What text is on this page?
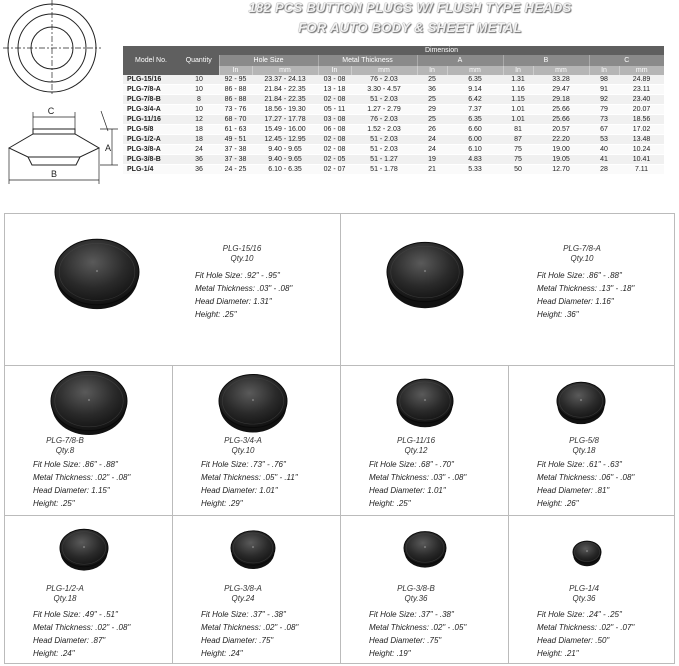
182 PCS BUTTON PLUGS W/ FLUSH TYPE HEADS
FOR AUTO BODY & SHEET METAL
C
A
B
Model No.	Quantity	Dimension									
		Hole Size		Metal Thickness		A		B		C	
		In	mm	In	mm	In	mm	In	mm	In	mm
PLG-15/16	10	92 - 95	23.37 - 24.13	03 - 08	76 - 2.03	25	6.35	1.31	33.28	98	24.89
PLG-7/8-A	10	86 - 88	21.84 - 22.35	13 - 18	3.30 - 4.57	36	9.14	1.16	29.47	91	23.11
PLG-7/8-B	8	86 - 88	21.84 - 22.35	02 - 08	51 - 2.03	25	6.42	1.15	29.18	92	23.40
PLG-3/4-A	10	73 - 76	18.56 - 19.30	05 - 11	1.27 - 2.79	29	7.37	1.01	25.66	79	20.07
PLG-11/16	12	68 - 70	17.27 - 17.78	03 - 08	76 - 2.03	25	6.35	1.01	25.66	73	18.56
PLG-5/8	18	61 - 63	15.49 - 16.00	06 - 08	1.52 - 2.03	26	6.60	81	20.57	67	17.02
PLG-1/2-A	18	49 - 51	12.45 - 12.95	02 - 08	51 - 2.03	24	6.00	87	22.20	53	13.48
PLG-3/8-A	24	37 - 38	9.40 - 9.65	02 - 08	51 - 2.03	24	6.10	75	19.00	40	10.24
PLG-3/8-B	36	37 - 38	9.40 - 9.65	02 - 05	51 - 1.27	19	4.83	75	19.05	41	10.41
PLG-1/4	36	24 - 25	6.10 - 6.35	02 - 07	51 - 1.78	21	5.33	50	12.70	28	7.11
PLG-15/16
Qty.10
Fit Hole Size: .92" - .95"
Metal Thickness: .03" - .08"
Head Diameter: 1.31"
Height: .25"
PLG-7/8-A
Qty.10
Fit Hole Size: .86" - .88"
Metal Thickness: .13" - .18"
Head Diameter: 1.16"
Height: .36"
PLG-7/8-B
Qty.8
Fit Hole Size: .86" - .88"
Metal Thickness: .02" - .08"
Head Diameter: 1.15"
Height: .25"
PLG-3/4-A
Qty.10
Fit Hole Size: .73" - .76"
Metal Thickness: .05" - .11"
Head Diameter: 1.01"
Height: .29"
PLG-11/16
Qty.12
Fit Hole Size: .68" - .70"
Metal Thickness: .03" - .08"
Head Diameter: 1.01"
Height: .25"
PLG-5/8
Qty.18
Fit Hole Size: .61" - .63"
Metal Thickness: .06" - .08"
Head Diameter: .81"
Height: .26"
PLG-1/2-A
Qty.18
Fit Hole Size: .49" - .51"
Metal Thickness: .02" - .08"
Head Diameter: .87"
Height: .24"
PLG-3/8-A
Qty.24
Fit Hole Size: .37" - .38"
Metal Thickness: .02" - .08"
Head Diameter: .75"
Height: .24"
PLG-3/8-B
Qty.36
Fit Hole Size: .37" - .38"
Metal Thickness: .02" - .05"
Head Diameter: .75"
Height: .19"
PLG-1/4
Qty.36
Fit Hole Size: .24" - .25"
Metal Thickness: .02" - .07"
Head Diameter: .50"
Height: .21"
